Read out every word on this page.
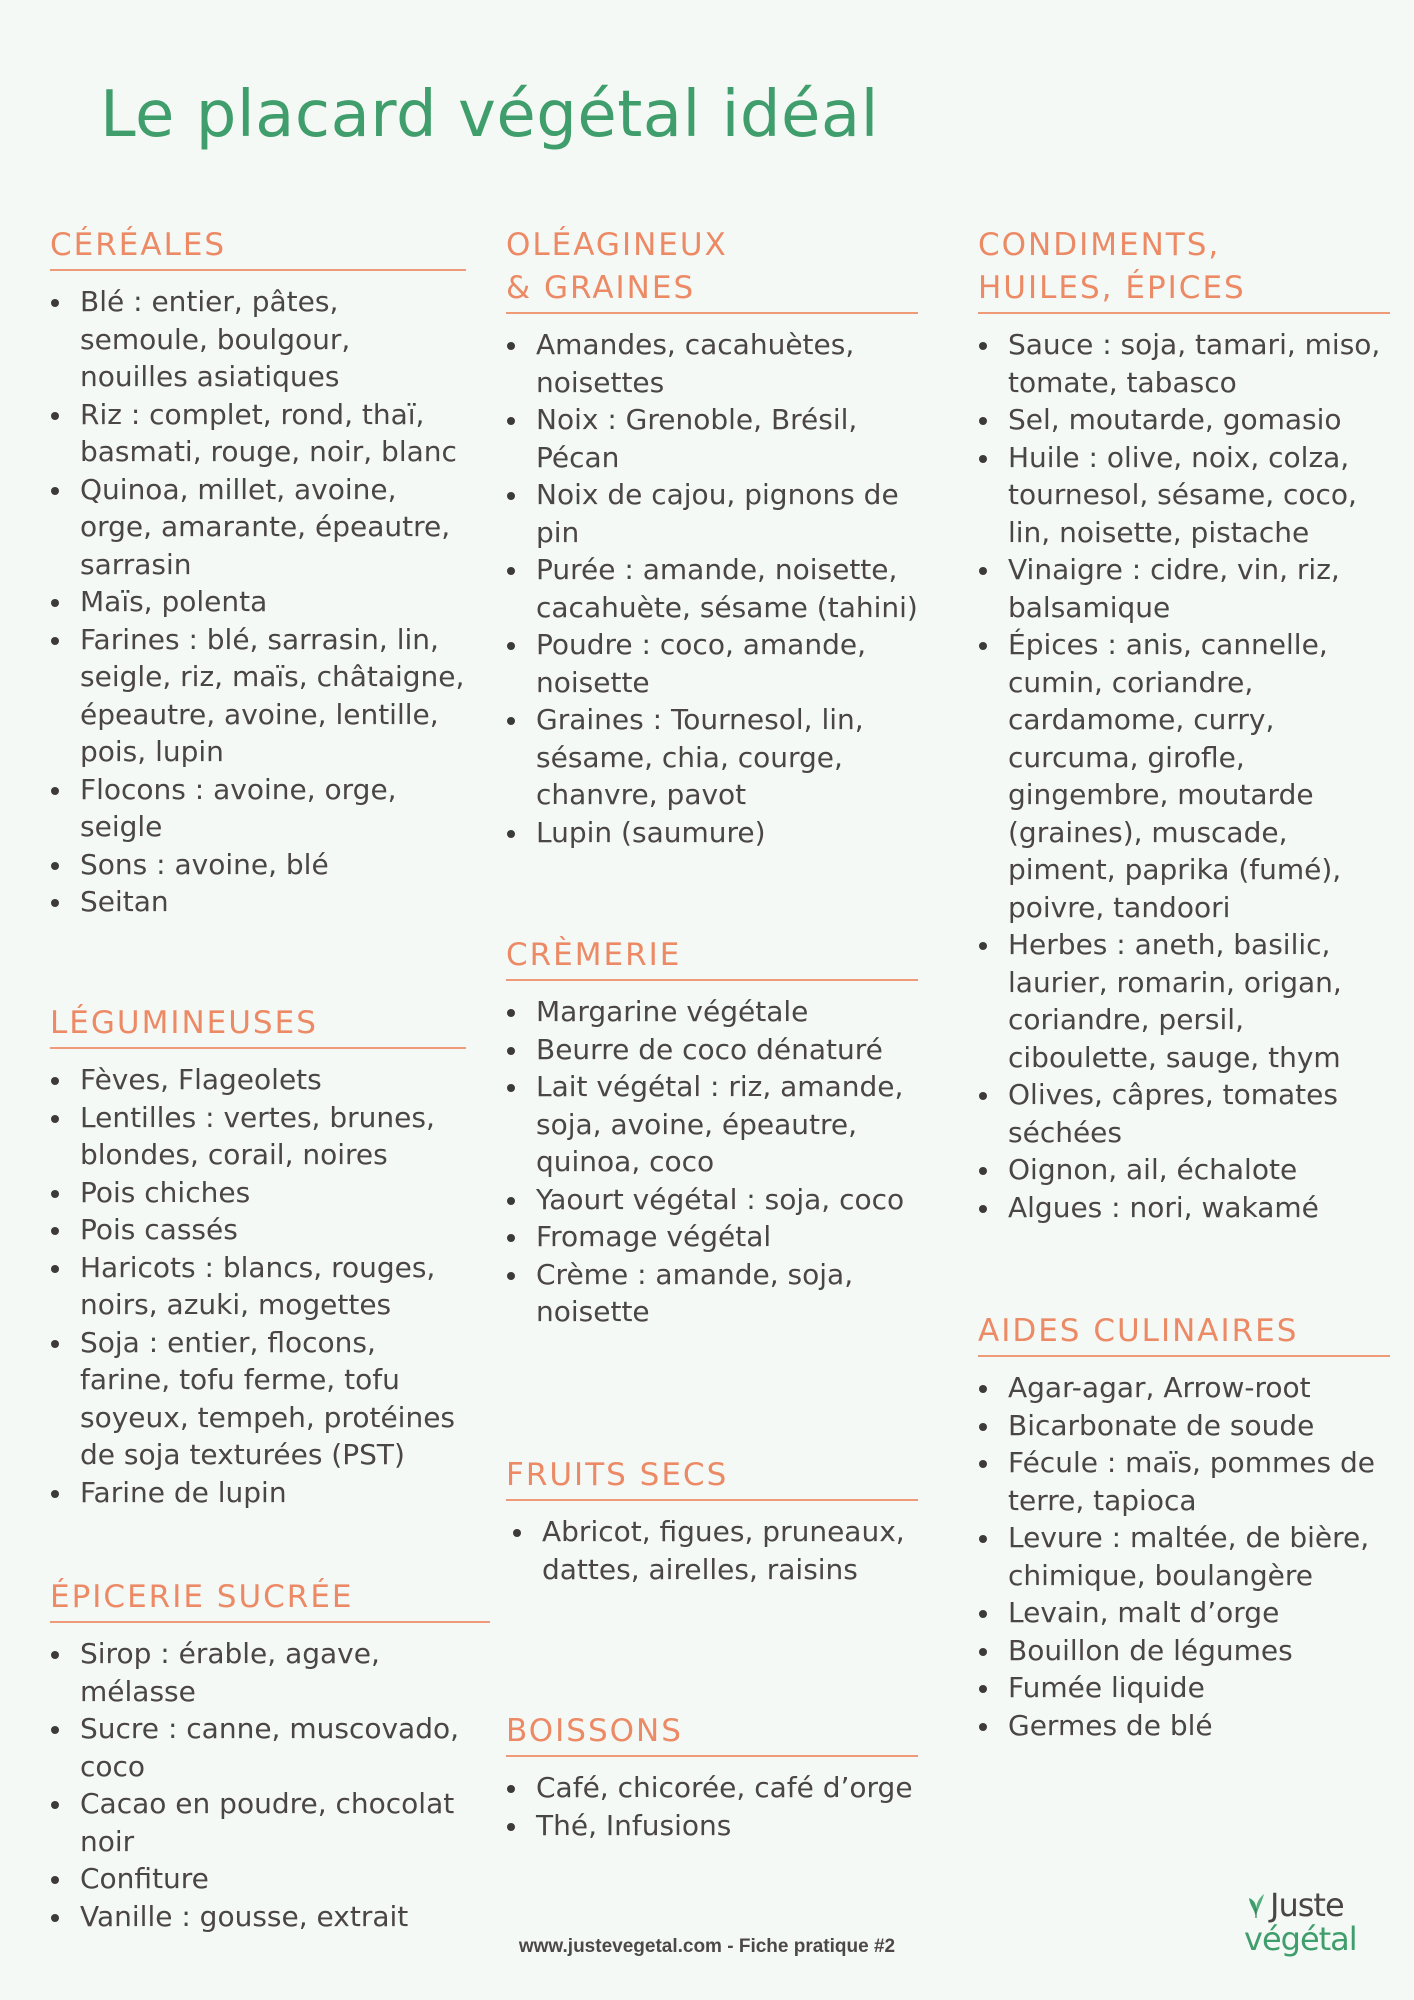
Le placard végétal idéal
CÉRÉALES
Blé : entier, pâtes, semoule, boulgour, nouilles asiatiques
Riz : complet, rond, thaï, basmati, rouge, noir, blanc
Quinoa, millet, avoine, orge, amarante, épeautre, sarrasin
Maïs, polenta
Farines : blé, sarrasin, lin, seigle, riz, maïs, châtaigne, épeautre, avoine, lentille, pois, lupin
Flocons : avoine, orge, seigle
Sons : avoine, blé
Seitan
LÉGUMINEUSES
Fèves, Flageolets
Lentilles : vertes, brunes, blondes, corail, noires
Pois chiches
Pois cassés
Haricots : blancs, rouges, noirs, azuki, mogettes
Soja : entier, flocons, farine, tofu ferme, tofu soyeux, tempeh, protéines de soja texturées (PST)
Farine de lupin
ÉPICERIE SUCRÉE
Sirop : érable, agave, mélasse
Sucre : canne, muscovado, coco
Cacao en poudre, chocolat noir
Confiture
Vanille : gousse, extrait
OLÉAGINEUX
& GRAINES
Amandes, cacahuètes, noisettes
Noix : Grenoble, Brésil, Pécan
Noix de cajou, pignons de pin
Purée : amande, noisette, cacahuète, sésame (tahini)
Poudre : coco, amande, noisette
Graines : Tournesol, lin, sésame, chia, courge, chanvre, pavot
Lupin (saumure)
CRÈMERIE
Margarine végétale
Beurre de coco dénaturé
Lait végétal : riz, amande, soja, avoine, épeautre, quinoa, coco
Yaourt végétal : soja, coco
Fromage végétal
Crème : amande, soja, noisette
FRUITS SECS
Abricot, figues, pruneaux, dattes, airelles, raisins
BOISSONS
Café, chicorée, café d’orge
Thé, Infusions
CONDIMENTS,
HUILES, ÉPICES
Sauce : soja, tamari, miso, tomate, tabasco
Sel, moutarde, gomasio
Huile : olive, noix, colza, tournesol, sésame, coco, lin, noisette, pistache
Vinaigre : cidre, vin, riz, balsamique
Épices : anis, cannelle, cumin, coriandre, cardamome, curry, curcuma, girofle, gingembre, moutarde (graines), muscade, piment, paprika (fumé), poivre, tandoori
Herbes : aneth, basilic, laurier, romarin, origan, coriandre, persil, ciboulette, sauge, thym
Olives, câpres, tomates séchées
Oignon, ail, échalote
Algues : nori, wakamé
AIDES CULINAIRES
Agar-agar, Arrow-root
Bicarbonate de soude
Fécule : maïs, pommes de terre, tapioca
Levure : maltée, de bière, chimique, boulangère
Levain, malt d’orge
Bouillon de légumes
Fumée liquide
Germes de blé
www.justevegetal.com - Fiche pratique #2
Juste
végétal
